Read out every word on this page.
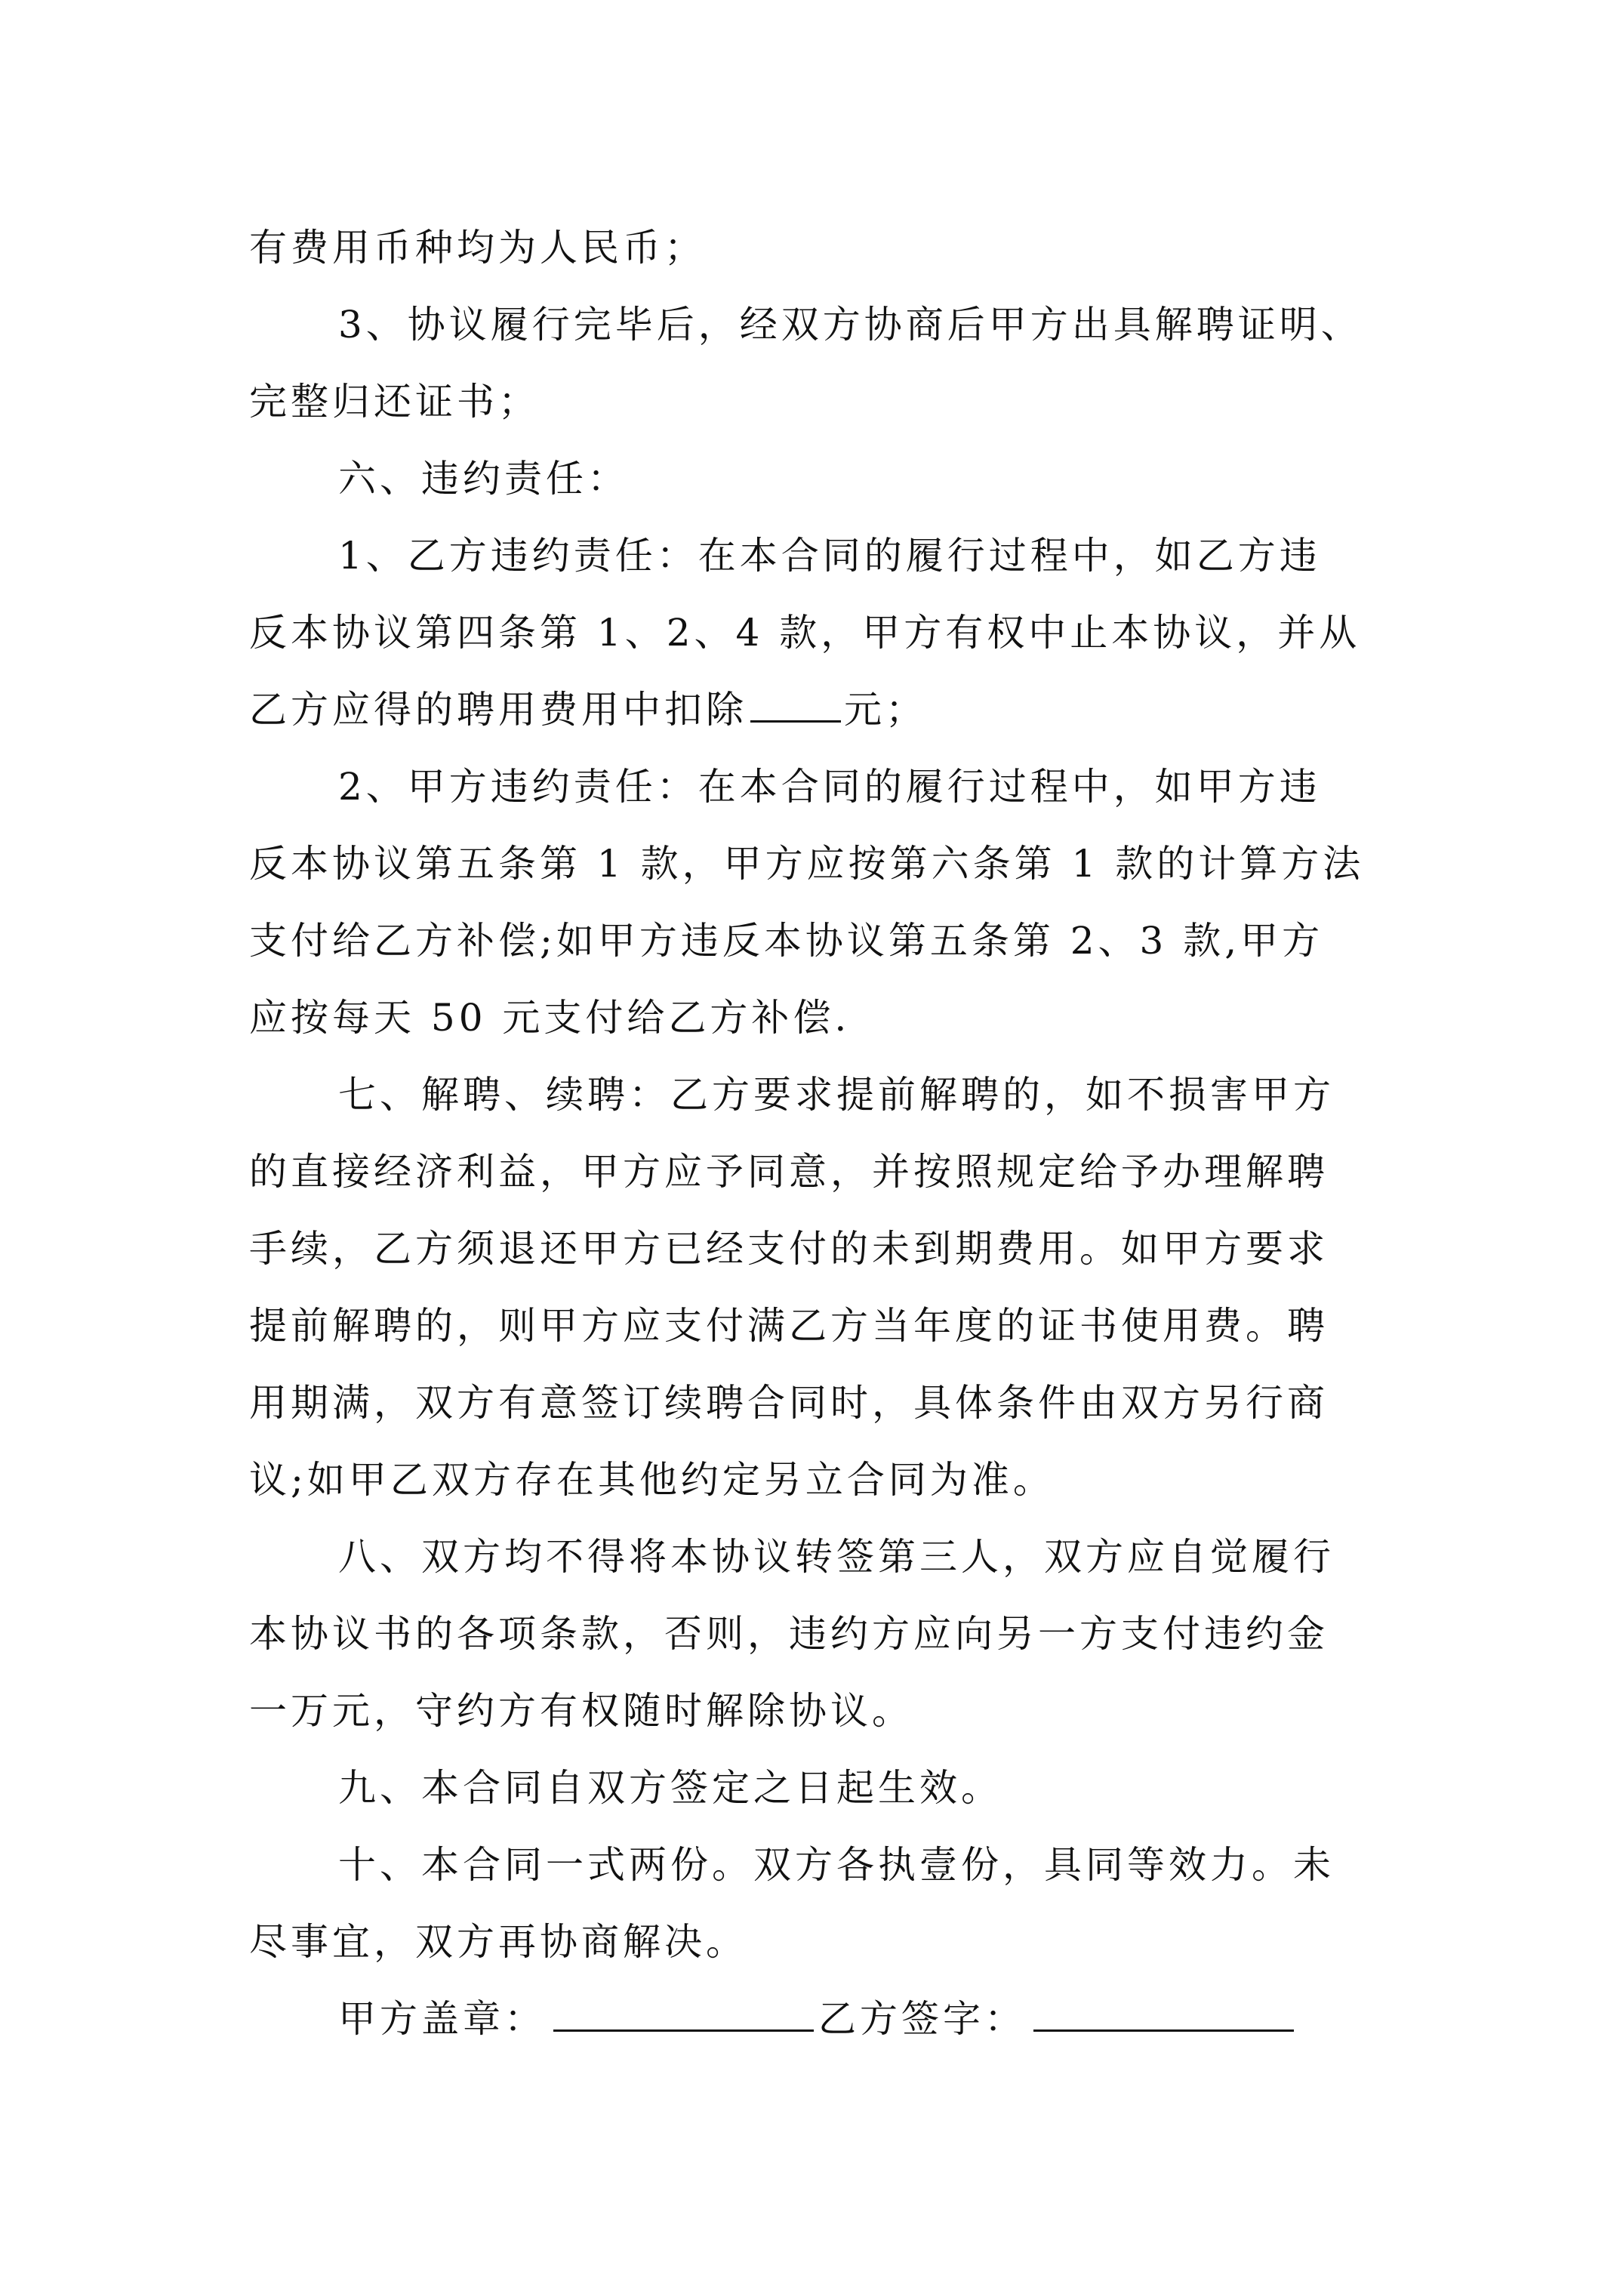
有费用币种均为人民币；
3、协议履行完毕后，经双方协商后甲方出具解聘证明、
完整归还证书；
六、违约责任：
1、乙方违约责任：在本合同的履行过程中，如乙方违
反本协议第四条第 1、2、4 款，甲方有权中止本协议，并从
乙方应得的聘用费用中扣除	元；
2、甲方违约责任：在本合同的履行过程中，如甲方违
反本协议第五条第 1 款，甲方应按第六条第 1 款的计算方法
支付给乙方补偿;如甲方违反本协议第五条第 2、3 款,甲方
应按每天 50 元支付给乙方补偿.
七、解聘、续聘：乙方要求提前解聘的，如不损害甲方
的直接经济利益，甲方应予同意，并按照规定给予办理解聘
手续，乙方须退还甲方已经支付的未到期费用。如甲方要求
提前解聘的，则甲方应支付满乙方当年度的证书使用费。聘
用期满，双方有意签订续聘合同时，具体条件由双方另行商
议;如甲乙双方存在其他约定另立合同为准。
八、双方均不得将本协议转签第三人，双方应自觉履行
本协议书的各项条款，否则，违约方应向另一方支付违约金
一万元，守约方有权随时解除协议。
九、本合同自双方签定之日起生效。
十、本合同一式两份。双方各执壹份，具同等效力。未
尽事宜，双方再协商解决。
甲方盖章：	乙方签字：
